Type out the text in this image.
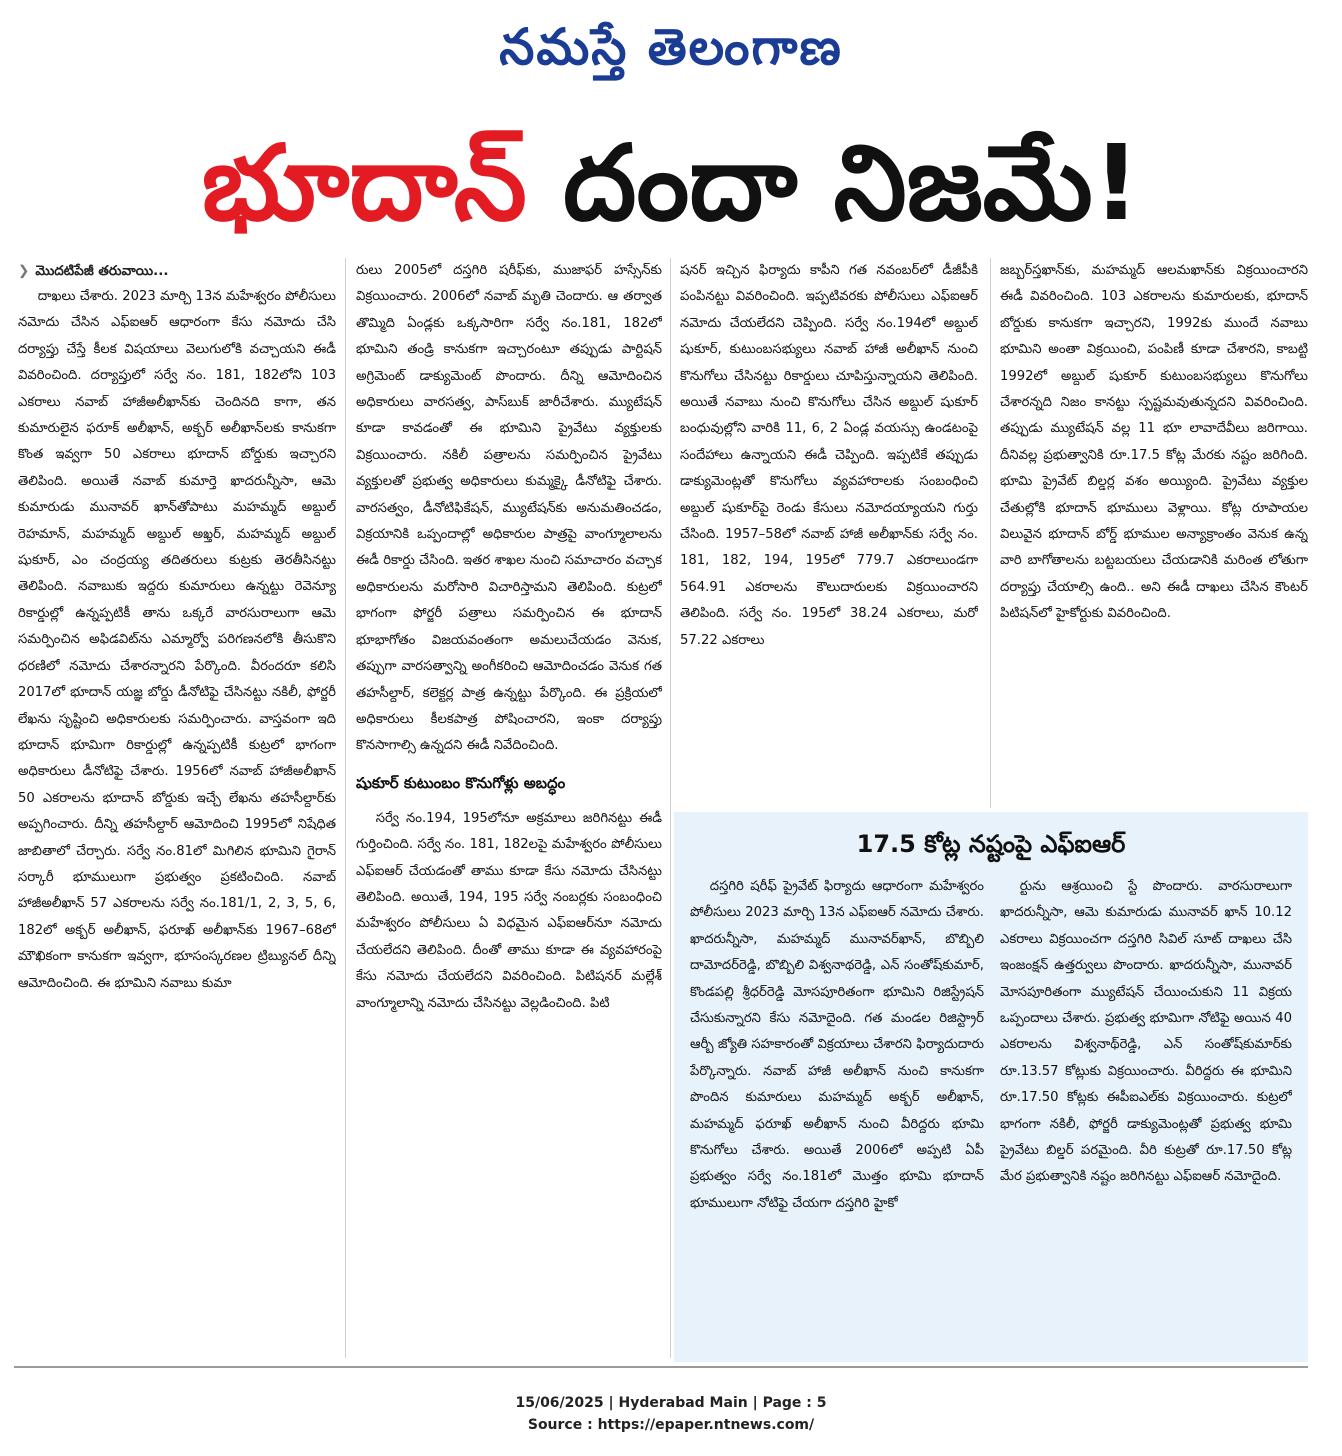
నమస్తే తెలంగాణ
భూదాన్ దందా నిజమే!
❯ మొదటిపేజీ తరువాయి...

దాఖలు చేశారు. 2023 మార్చి 13న మహేశ్వరం పోలీసులు నమోదు చేసిన ఎఫ్ఐఆర్ ఆధారంగా కేసు నమోదు చేసి దర్యాప్తు చేస్తే కీలక విషయాలు వెలుగులోకి వచ్చాయని ఈడీ వివరించింది. దర్యాప్తులో సర్వే నం. 181, 182లోని 103 ఎకరాలు నవాబ్ హాజీఅలీఖాన్‌కు చెందినది కాగా, తన కుమారులైన ఫరూక్ అలీఖాన్, అక్బర్ అలీఖాన్‌లకు కానుకగా కొంత ఇవ్వగా 50 ఎకరాలు భూదాన్ బోర్డుకు ఇచ్చారని తెలిపింది. అయితే నవాబ్ కుమార్తె ఖాదరున్నీసా, ఆమె కుమారుడు మునావర్ ఖాన్‌తోపాటు మహమ్మద్ అబ్దుల్ రెహమాన్, మహమ్మద్ అబ్దుల్ అఖ్తర్, మహమ్మద్ అబ్దుల్ షుకూర్, ఎం చంద్రయ్య తదితరులు కుట్రకు తెరతీసినట్టు తెలిపింది. నవాబుకు ఇద్దరు కుమారులు ఉన్నట్టు రెవెన్యూ రికార్డుల్లో ఉన్నప్పటికీ తాను ఒక్కరే వారసురాలుగా ఆమె సమర్పించిన అఫిడవిట్‌ను ఎమ్మార్వో పరిగణనలోకి తీసుకొని ధరణిలో నమోదు చేశారన్నారని పేర్కొంది. వీరందరూ కలిసి 2017లో భూదాన్ యజ్ఞ బోర్డు డీనోటిఫై చేసినట్టు నకిలీ, ఫోర్జరీ లేఖను సృష్టించి అధికారులకు సమర్పించారు. వాస్తవంగా ఇది భూదాన్ భూమిగా రికార్డుల్లో ఉన్నప్పటికీ కుట్రలో భాగంగా అధికారులు డీనోటిఫై చేశారు. 1956లో నవాబ్ హాజీఅలీఖాన్ 50 ఎకరాలను భూదాన్ బోర్డుకు ఇచ్చే లేఖను తహసీల్దార్‌కు అప్పగించారు. దీన్ని తహసీల్దార్ ఆమోదించి 1995లో నిషేధిత జాబితాలో చేర్చారు. సర్వే నం.81లో మిగిలిన భూమిని గైరాన్ సర్కారీ భూములుగా ప్రభుత్వం ప్రకటించింది. నవాబ్ హాజీఅలీఖాన్ 57 ఎకరాలను సర్వే నం.181/1, 2, 3, 5, 6, 182లో అక్బర్ అలీఖాన్, ఫరూఖ్ అలీఖాన్‌కు 1967–68లో మౌఖికంగా కానుకగా ఇవ్వగా, భూసంస్కరణల ట్రిబ్యునల్ దీన్ని ఆమోదించింది. ఈ భూమిని నవాబు కుమా

రులు 2005లో దస్తగిరి షరీఫ్‌కు, ముజాఫర్ హస్సేన్‌కు విక్రయించారు. 2006లో నవాబ్ మృతి చెందారు. ఆ తర్వాత తొమ్మిది ఏండ్లకు ఒక్కసారిగా సర్వే నం.181, 182లో భూమిని తండ్రి కానుకగా ఇచ్చారంటూ తప్పుడు పార్టిషన్ అగ్రిమెంట్ డాక్యుమెంట్ పొందారు. దీన్ని ఆమోదించిన అధికారులు వారసత్వ, పాస్‌బుక్ జారీచేశారు. మ్యుటేషన్ కూడా కావడంతో ఈ భూమిని ప్రైవేటు వ్యక్తులకు విక్రయించారు. నకిలీ పత్రాలను సమర్పించిన ప్రైవేటు వ్యక్తులతో ప్రభుత్వ అధికారులు కుమ్మక్కై డీనోటిఫై చేశారు. వారసత్వం, డీనోటిఫికేషన్, మ్యుటేషన్‌కు అనుమతించడం, విక్రయానికి ఒప్పందాల్లో అధికారుల పాత్రపై వాంగ్మూలాలను ఈడీ రికార్డు చేసింది. ఇతర శాఖల నుంచి సమాచారం వచ్చాక అధికారులను మరోసారి విచారిస్తామని తెలిపింది. కుట్రలో భాగంగా ఫోర్జరీ పత్రాలు సమర్పించిన ఈ భూదాన్ భూభాగోతం విజయవంతంగా అమలుచేయడం వెనుక, తప్పుగా వారసత్వాన్ని అంగీకరించి ఆమోదించడం వెనుక గత తహసీల్దార్, కలెక్టర్ల పాత్ర ఉన్నట్టు పేర్కొంది. ఈ ప్రక్రియలో అధికారులు కీలకపాత్ర పోషించారని, ఇంకా దర్యాప్తు కొనసాగాల్సి ఉన్నదని ఈడీ నివేదించింది.

షుకూర్ కుటుంబం కొనుగోళ్లు అబద్ధం

సర్వే నం.194, 195లోనూ అక్రమాలు జరిగినట్టు ఈడీ గుర్తించింది. సర్వే నం. 181, 182లపై మహేశ్వరం పోలీసులు ఎఫ్ఐఆర్ చేయడంతో తాము కూడా కేసు నమోదు చేసినట్టు తెలిపింది. అయితే, 194, 195 సర్వే నంబర్లకు సంబంధించి మహేశ్వరం పోలీసులు ఏ విధమైన ఎఫ్ఐఆర్‌నూ నమోదు చేయలేదని తెలిపింది. దీంతో తాము కూడా ఈ వ్యవహారంపై కేసు నమోదు చేయలేదని వివరించింది. పిటిషనర్ మల్లేశ్ వాంగ్మూలాన్ని నమోదు చేసినట్టు వెల్లడించింది. పిటి

షనర్ ఇచ్చిన ఫిర్యాదు కాపీని గత నవంబర్‌లో డీజీపీకి పంపినట్టు వివరించింది. ఇప్పటివరకు పోలీసులు ఎఫ్ఐఆర్ నమోదు చేయలేదని చెప్పింది. సర్వే నం.194లో అబ్దుల్ షుకూర్, కుటుంబసభ్యులు నవాబ్ హాజీ అలీఖాన్ నుంచి కొనుగోలు చేసినట్టు రికార్డులు చూపిస్తున్నాయని తెలిపింది. అయితే నవాబు నుంచి కొనుగోలు చేసిన అబ్దుల్ షుకూర్ బంధువుల్లోని వారికి 11, 6, 2 ఏండ్ల వయస్సు ఉండటంపై సందేహాలు ఉన్నాయని ఈడీ చెప్పింది. ఇప్పటికే తప్పుడు డాక్యుమెంట్లతో కొనుగోలు వ్యవహారాలకు సంబంధించి అబ్దుల్ షుకూర్‌పై రెండు కేసులు నమోదయ్యాయని గుర్తు చేసింది. 1957–58లో నవాబ్ హాజీ అలీఖాన్‌కు సర్వే నం. 181, 182, 194, 195లో 779.7 ఎకరాలుండగా 564.91 ఎకరాలను కౌలుదారులకు విక్రయించారని తెలిపింది. సర్వే నం. 195లో 38.24 ఎకరాలు, మరో 57.22 ఎకరాలు

జబ్బర్‌స్తఖాన్‌కు, మహమ్మద్ ఆలమఖాన్‌కు విక్రయించారని ఈడీ వివరించింది. 103 ఎకరాలను కుమారులకు, భూదాన్ బోర్డుకు కానుకగా ఇచ్చారని, 1992కు ముందే నవాబు భూమిని అంతా విక్రయించి, పంపిణీ కూడా చేశారని, కాబట్టి 1992లో అబ్దుల్ షుకూర్ కుటుంబసభ్యులు కొనుగోలు చేశారన్నది నిజం కానట్టు స్పష్టమవుతున్నదని వివరించింది. తప్పుడు మ్యుటేషన్ వల్ల 11 భూ లావాదేవీలు జరిగాయి. దీనివల్ల ప్రభుత్వానికి రూ.17.5 కోట్ల మేరకు నష్టం జరిగింది. భూమి ప్రైవేట్ బిల్డర్ల వశం అయ్యింది. ప్రైవేటు వ్యక్తుల చేతుల్లోకి భూదాన్ భూములు వెళ్లాయి. కోట్ల రూపాయల విలువైన భూదాన్ బోర్డ్ భూముల అన్యాక్రాంతం వెనుక ఉన్న వారి బాగోతాలను బట్టబయలు చేయడానికి మరింత లోతుగా దర్యాప్తు చేయాల్సి ఉంది.. అని ఈడీ దాఖలు చేసిన కౌంటర్ పిటిషన్‌లో హైకోర్టుకు వివరించింది.

17.5 కోట్ల నష్టంపై ఎఫ్ఐఆర్

దస్తగిరి షరీఫ్ ప్రైవేట్ ఫిర్యాదు ఆధారంగా మహేశ్వరం పోలీసులు 2023 మార్చి 13న ఎఫ్ఐఆర్ నమోదు చేశారు. ఖాదరున్నీసా, మహమ్మద్ మునావర్‌ఖాన్, బొబ్బిలి దామోదర్‌రెడ్డి, బొబ్బిలి విశ్వనాథరెడ్డి, ఎన్ సంతోష్‌కుమార్, కొండపల్లి శ్రీధర్‌రెడ్డి మోసపూరితంగా భూమిని రిజిస్ట్రేషన్ చేసుకున్నారని కేసు నమోదైంది. గత మండల రిజిస్ట్రార్ ఆర్బీ జ్యోతి సహకారంతో విక్రయాలు చేశారని ఫిర్యాదుదారు పేర్కొన్నారు. నవాబ్ హాజీ అలీఖాన్ నుంచి కానుకగా పొందిన కుమారులు మహమ్మద్ అక్బర్ అలీఖాన్, మహమ్మద్ ఫరూఖ్ అలీఖాన్ నుంచి వీరిద్దరు భూమి కొనుగోలు చేశారు. అయితే 2006లో అప్పటి ఏపీ ప్రభుత్వం సర్వే నం.181లో మొత్తం భూమి భూదాన్ భూములుగా నోటిఫై చేయగా దస్తగిరి హైకో

ర్టును ఆశ్రయించి స్టే పొందారు. వారసురాలుగా ఖాదరున్నీసా, ఆమె కుమారుడు మునావర్ ఖాన్ 10.12 ఎకరాలు విక్రయించగా దస్తగిరి సివిల్ సూట్ దాఖలు చేసి ఇంజంక్షన్ ఉత్తర్వులు పొందారు. ఖాదరున్నీసా, మునావర్ మోసపూరితంగా మ్యుటేషన్ చేయించుకుని 11 విక్రయ ఒప్పందాలు చేశారు. ప్రభుత్వ భూమిగా నోటిఫై అయిన 40 ఎకరాలను విశ్వనాథ్‌రెడ్డి, ఎన్ సంతోష్‌కుమార్‌కు రూ.13.57 కోట్లుకు విక్రయించారు. వీరిద్దరు ఈ భూమిని రూ.17.50 కోట్లకు ఈపీఐఎల్‌కు విక్రయించారు. కుట్రలో భాగంగా నకిలీ, ఫోర్జరీ డాక్యుమెంట్లతో ప్రభుత్వ భూమి ప్రైవేటు బిల్డర్ పరమైంది. వీరి కుట్రతో రూ.17.50 కోట్ల మేర ప్రభుత్వానికి నష్టం జరిగినట్టు ఎఫ్ఐఆర్ నమోదైంది.

15/06/2025 | Hyderabad Main | Page : 5
Source : https://epaper.ntnews.com/
